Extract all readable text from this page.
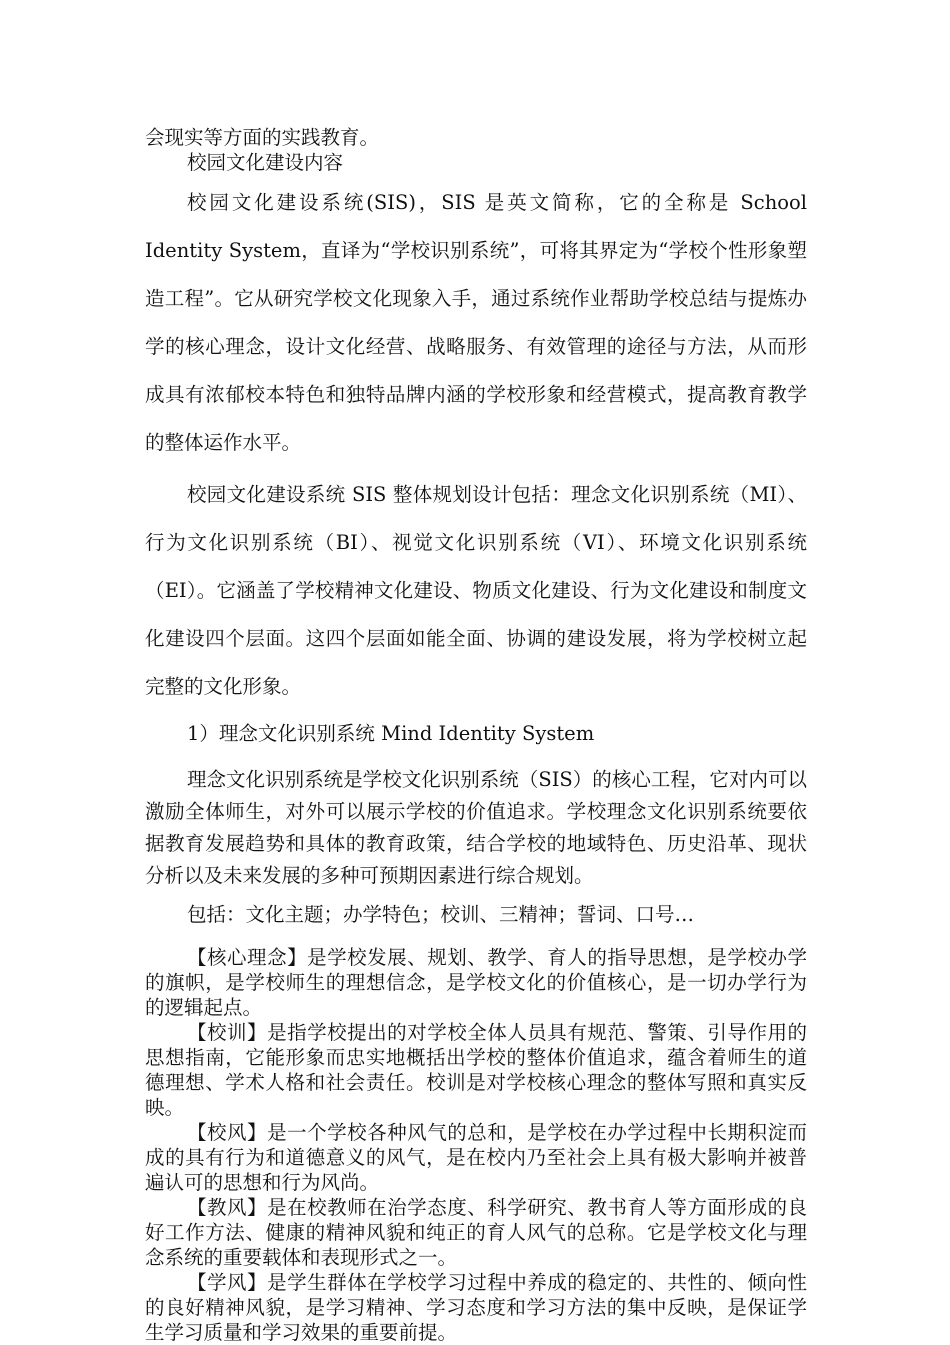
会现实等方面的实践教育。

校园文化建设内容

校园文化建设系统(SIS)，SIS 是英文简称，它的全称是 School Identity System，直译为“学校识别系统”，可将其界定为“学校个性形象塑造工程”。它从研究学校文化现象入手，通过系统作业帮助学校总结与提炼办学的核心理念，设计文化经营、战略服务、有效管理的途径与方法，从而形成具有浓郁校本特色和独特品牌内涵的学校形象和经营模式，提高教育教学的整体运作水平。

校园文化建设系统 SIS 整体规划设计包括：理念文化识别系统（MI）、行为文化识别系统（BI）、视觉文化识别系统（VI）、环境文化识别系统（EI）。它涵盖了学校精神文化建设、物质文化建设、行为文化建设和制度文化建设四个层面。这四个层面如能全面、协调的建设发展，将为学校树立起完整的文化形象。

1）理念文化识别系统 Mind Identity System

理念文化识别系统是学校文化识别系统（SIS）的核心工程，它对内可以激励全体师生，对外可以展示学校的价值追求。学校理念文化识别系统要依据教育发展趋势和具体的教育政策，结合学校的地域特色、历史沿革、现状分析以及未来发展的多种可预期因素进行综合规划。

包括：文化主题；办学特色；校训、三精神；誓词、口号…

【核心理念】是学校发展、规划、教学、育人的指导思想，是学校办学的旗帜，是学校师生的理想信念，是学校文化的价值核心，是一切办学行为的逻辑起点。

【校训】是指学校提出的对学校全体人员具有规范、警策、引导作用的思想指南，它能形象而忠实地概括出学校的整体价值追求，蕴含着师生的道德理想、学术人格和社会责任。校训是对学校核心理念的整体写照和真实反映。

【校风】是一个学校各种风气的总和，是学校在办学过程中长期积淀而成的具有行为和道德意义的风气，是在校内乃至社会上具有极大影响并被普遍认可的思想和行为风尚。

【教风】是在校教师在治学态度、科学研究、教书育人等方面形成的良好工作方法、健康的精神风貌和纯正的育人风气的总称。它是学校文化与理念系统的重要载体和表现形式之一。

【学风】是学生群体在学校学习过程中养成的稳定的、共性的、倾向性的良好精神风貌，是学习精神、学习态度和学习方法的集中反映，是保证学生学习质量和学习效果的重要前提。
